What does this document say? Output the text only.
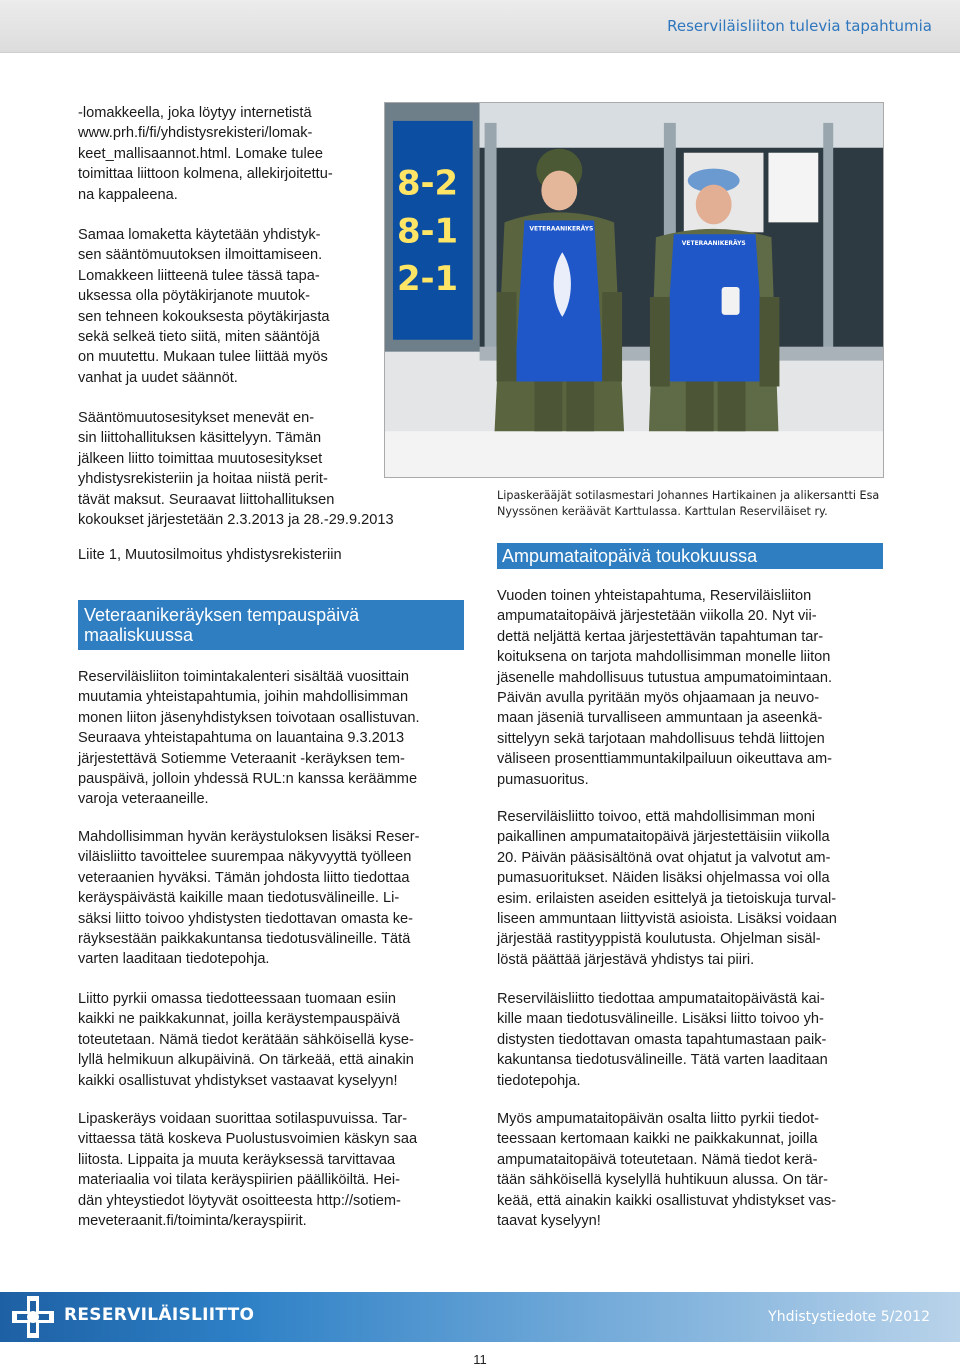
Reserviläisliiton tulevia tapahtumia

-lomakkeella, joka löytyy internetistä
www.prh.fi/fi/yhdistysrekisteri/lomak-
keet_mallisaannot.html. Lomake tulee
toimittaa liittoon kolmena, allekirjoitettu-
na kappaleena.

Samaa lomaketta käytetään yhdistyk-
sen sääntömuutoksen ilmoittamiseen.
Lomakkeen liitteenä tulee tässä tapa-
uksessa olla pöytäkirjanote muutok-
sen tehneen kokouksesta pöytäkirjasta
sekä selkeä tieto siitä, miten sääntöjä
on muutettu. Mukaan tulee liittää myös
vanhat ja uudet säännöt.

Sääntömuutosesitykset menevät en-
sin liittohallituksen käsittelyyn. Tämän
jälkeen liitto toimittaa muutosesitykset
yhdistysrekisteriin ja hoitaa niistä perit-
tävät maksut. Seuraavat liittohallituksen
kokoukset järjestetään 2.3.2013 ja 28.-29.9.2013

Liite 1, Muutosilmoitus yhdistysrekisteriin

Veteraanikeräyksen tempauspäivä
maaliskuussa

Reserviläisliiton toimintakalenteri sisältää vuosittain
muutamia yhteistapahtumia, joihin mahdollisimman
monen liiton jäsenyhdistyksen toivotaan osallistuvan.
Seuraava yhteistapahtuma on lauantaina 9.3.2013
järjestettävä Sotiemme Veteraanit -keräyksen tem-
pauspäivä, jolloin yhdessä RUL:n kanssa keräämme
varoja veteraaneille.

Mahdollisimman hyvän keräystuloksen lisäksi Reser-
viläisliitto tavoittelee suurempaa näkyvyyttä työlleen
veteraanien hyväksi. Tämän johdosta liitto tiedottaa
keräyspäivästä kaikille maan tiedotusvälineille. Li-
säksi liitto toivoo yhdistysten tiedottavan omasta ke-
räyksestään paikkakuntansa tiedotusvälineille. Tätä
varten laaditaan tiedotepohja.

Liitto pyrkii omassa tiedotteessaan tuomaan esiin
kaikki ne paikkakunnat, joilla keräystempauspäivä
toteutetaan. Nämä tiedot kerätään sähköisellä kyse-
lyllä helmikuun alkupäivinä. On tärkeää, että ainakin
kaikki osallistuvat yhdistykset vastaavat kyselyyn!

Lipaskeräys voidaan suorittaa sotilaspuvuissa. Tar-
vittaessa tätä koskeva Puolustusvoimien käskyn saa
liitosta. Lippaita ja muuta keräyksessä tarvittavaa
materiaalia voi tilata keräyspiirien päälliköiltä. Hei-
dän yhteystiedot löytyvät osoitteesta http://sotiem-
meveteraanit.fi/toiminta/kerayspiirit.

8-2
8-1
2-1
VETERAANIKERÄYS
VETERAANIKERÄYS

Lipaskerääjät sotilasmestari Johannes Hartikainen ja alikersantti Esa
Nyyssönen keräävät Karttulassa. Karttulan Reserviläiset ry.

Ampumataitopäivä toukokuussa

Vuoden toinen yhteistapahtuma, Reserviläisliiton
ampumataitopäivä järjestetään viikolla 20. Nyt vii-
dettä neljättä kertaa järjestettävän tapahtuman tar-
koituksena on tarjota mahdollisimman monelle liiton
jäsenelle mahdollisuus tutustua ampumatoimintaan.
Päivän avulla pyritään myös ohjaamaan ja neuvo-
maan jäseniä turvalliseen ammuntaan ja aseenkä-
sittelyyn sekä tarjotaan mahdollisuus tehdä liittojen
väliseen prosenttiammuntakilpailuun oikeuttava am-
pumasuoritus.

Reserviläisliitto toivoo, että mahdollisimman moni
paikallinen ampumataitopäivä järjestettäisiin viikolla
20. Päivän pääsisältönä ovat ohjatut ja valvotut am-
pumasuoritukset. Näiden lisäksi ohjelmassa voi olla
esim. erilaisten aseiden esittelyä ja tietoiskuja turval-
liseen ammuntaan liittyvistä asioista. Lisäksi voidaan
järjestää rastityyppistä koulutusta. Ohjelman sisäl-
löstä päättää järjestävä yhdistys tai piiri.

Reserviläisliitto tiedottaa ampumataitopäivästä kai-
kille maan tiedotusvälineille. Lisäksi liitto toivoo yh-
distysten tiedottavan omasta tapahtumastaan paik-
kakuntansa tiedotusvälineille. Tätä varten laaditaan
tiedotepohja.

Myös ampumataitopäivän osalta liitto pyrkii tiedot-
teessaan kertomaan kaikki ne paikkakunnat, joilla
ampumataitopäivä toteutetaan. Nämä tiedot kerä-
tään sähköisellä kyselyllä huhtikuun alussa. On tär-
keää, että ainakin kaikki osallistuvat yhdistykset vas-
taavat kyselyyn!

RESERVILÄISLIITTO	Yhdistystiedote 5/2012
11
